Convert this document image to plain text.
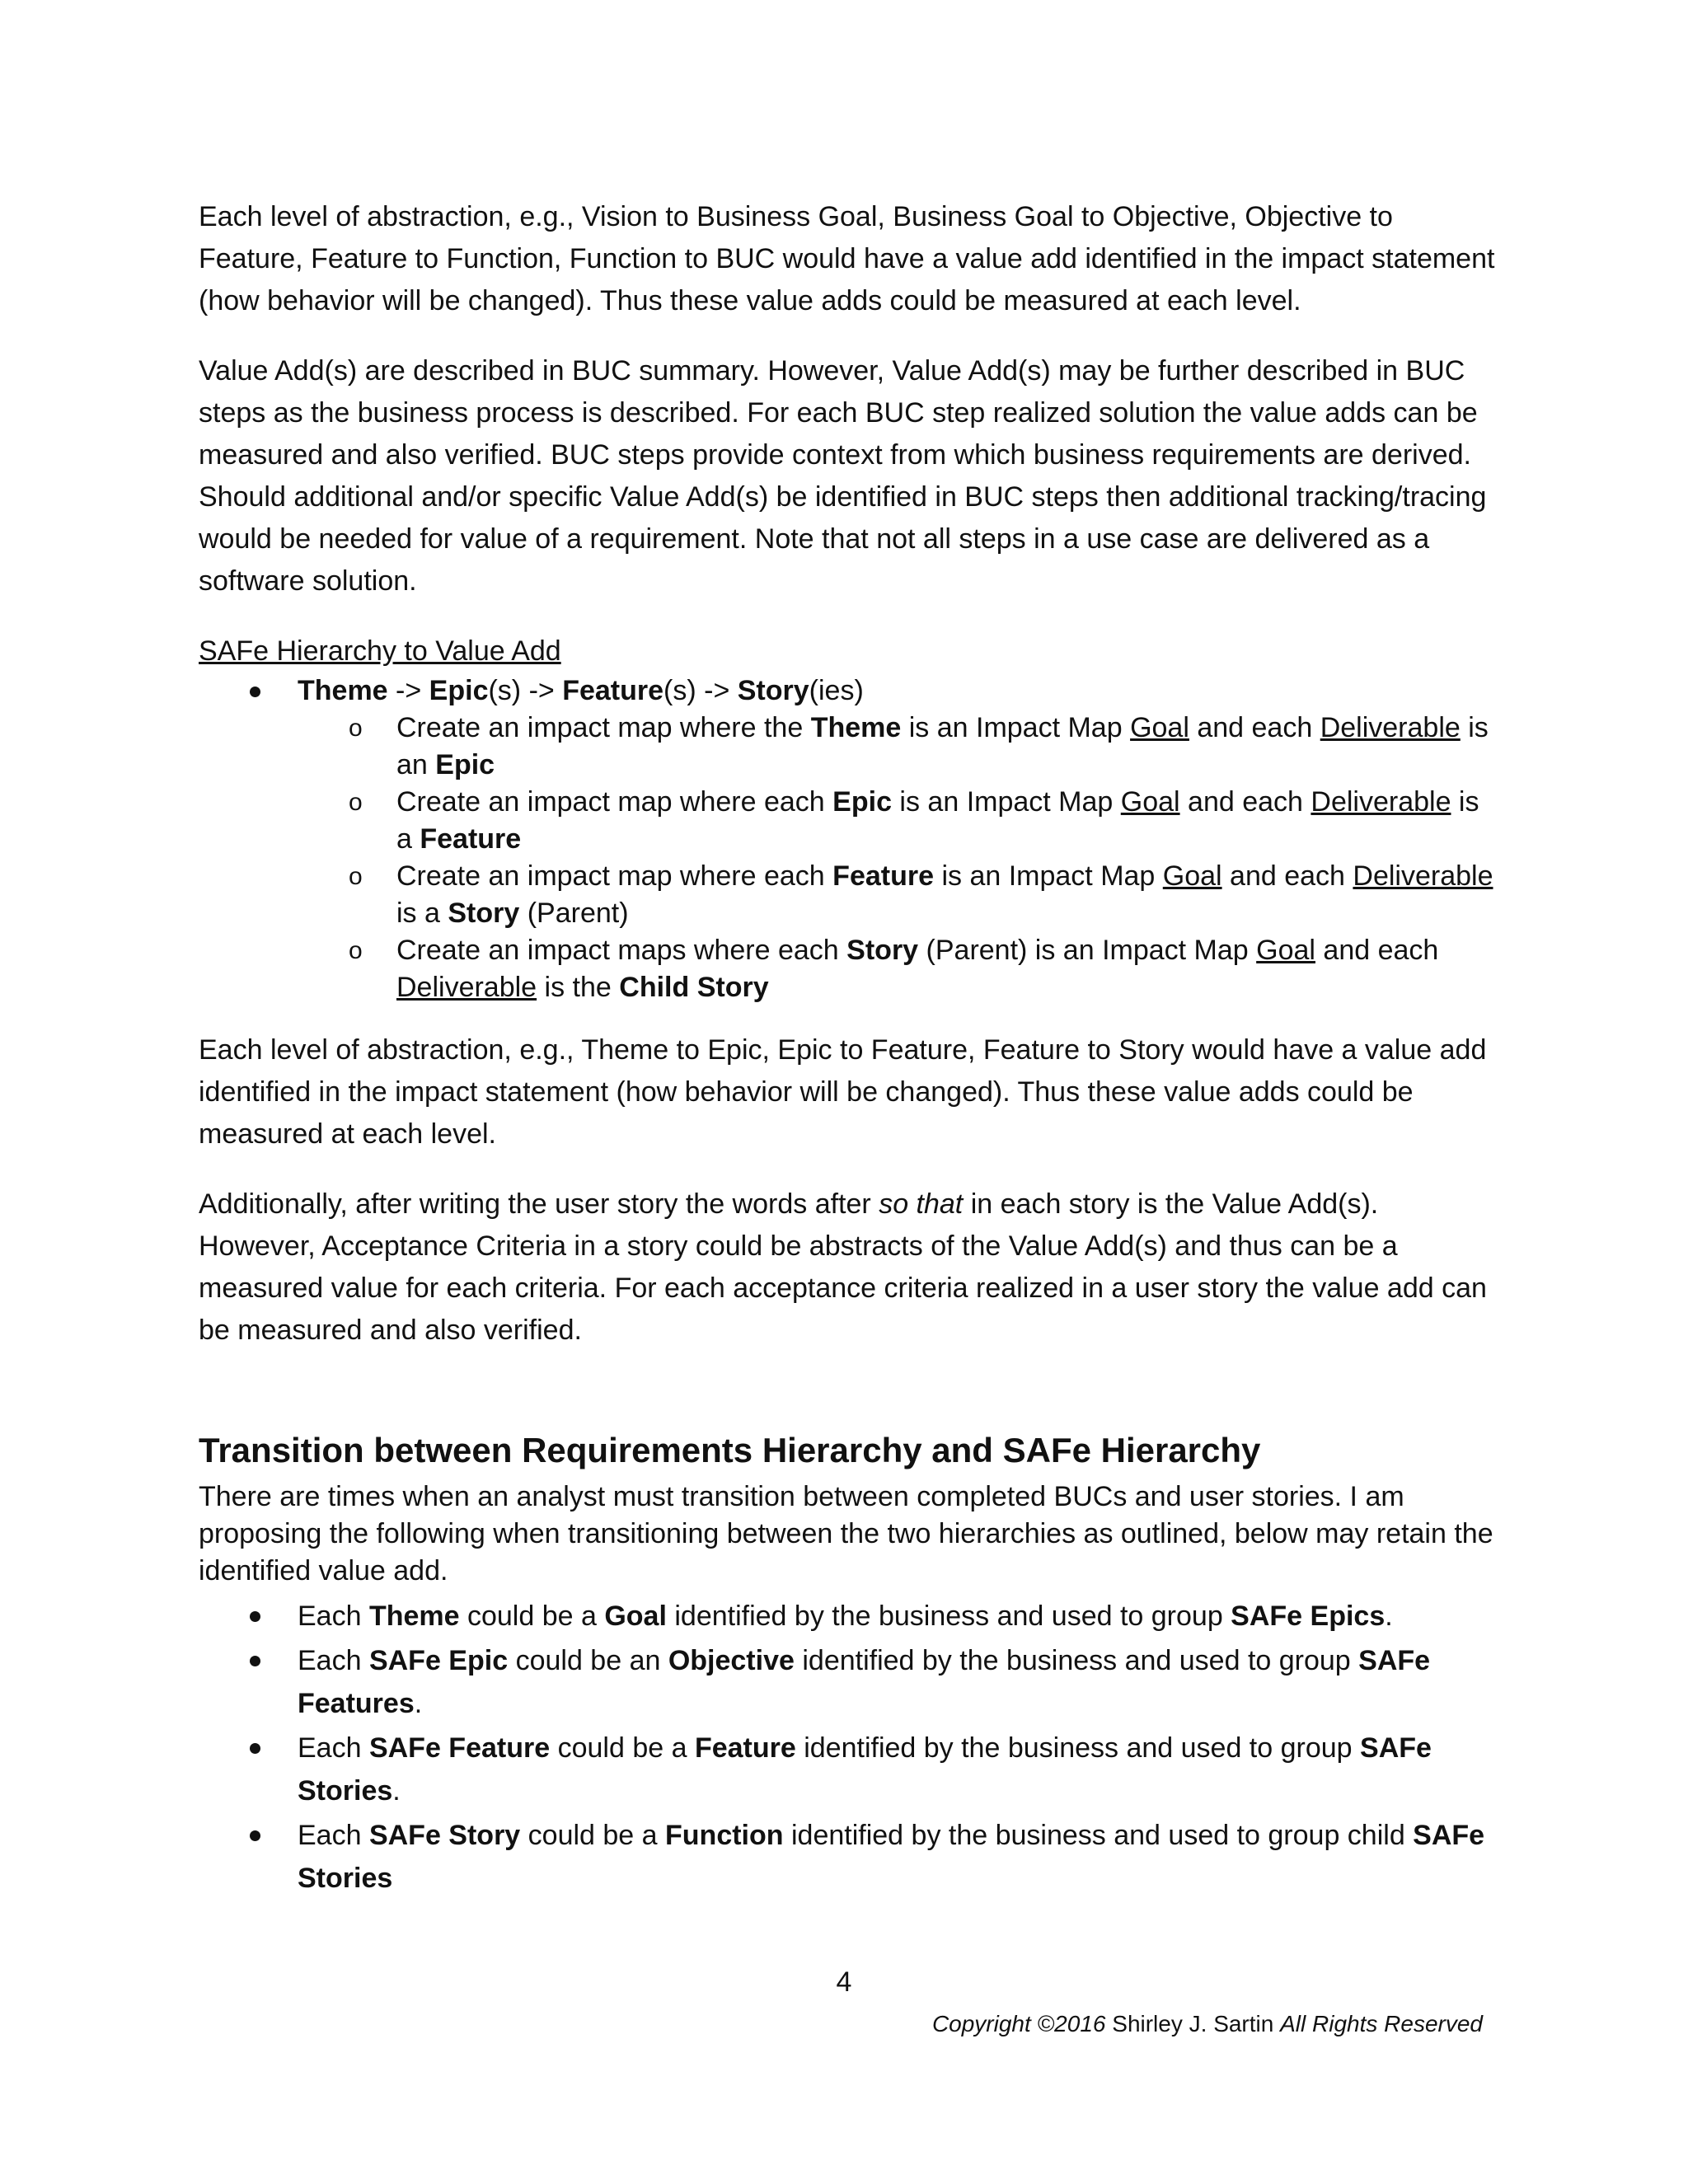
Each level of abstraction, e.g., Vision to Business Goal, Business Goal to Objective, Objective to Feature, Feature to Function, Function to BUC would have a value add identified in the impact statement (how behavior will be changed). Thus these value adds could be measured at each level.

Value Add(s) are described in BUC summary. However, Value Add(s) may be further described in BUC steps as the business process is described. For each BUC step realized solution the value adds can be measured and also verified. BUC steps provide context from which business requirements are derived. Should additional and/or specific Value Add(s) be identified in BUC steps then additional tracking/tracing would be needed for value of a requirement. Note that not all steps in a use case are delivered as a software solution.

SAFe Hierarchy to Value Add

Theme -> Epic(s) -> Feature(s) -> Story(ies)
o Create an impact map where the Theme is an Impact Map Goal and each Deliverable is an Epic
o Create an impact map where each Epic is an Impact Map Goal and each Deliverable is a Feature
o Create an impact map where each Feature is an Impact Map Goal and each Deliverable is a Story (Parent)
o Create an impact maps where each Story (Parent) is an Impact Map Goal and each Deliverable is the Child Story

Each level of abstraction, e.g., Theme to Epic, Epic to Feature, Feature to Story would have a value add identified in the impact statement (how behavior will be changed). Thus these value adds could be measured at each level.

Additionally, after writing the user story the words after so that in each story is the Value Add(s). However, Acceptance Criteria in a story could be abstracts of the Value Add(s) and thus can be a measured value for each criteria. For each acceptance criteria realized in a user story the value add can be measured and also verified.

Transition between Requirements Hierarchy and SAFe Hierarchy

There are times when an analyst must transition between completed BUCs and user stories. I am proposing the following when transitioning between the two hierarchies as outlined, below may retain the identified value add.

Each Theme could be a Goal identified by the business and used to group SAFe Epics.
Each SAFe Epic could be an Objective identified by the business and used to group SAFe Features.
Each SAFe Feature could be a Feature identified by the business and used to group SAFe Stories.
Each SAFe Story could be a Function identified by the business and used to group child SAFe Stories
4
Copyright ©2016 Shirley J. Sartin All Rights Reserved
